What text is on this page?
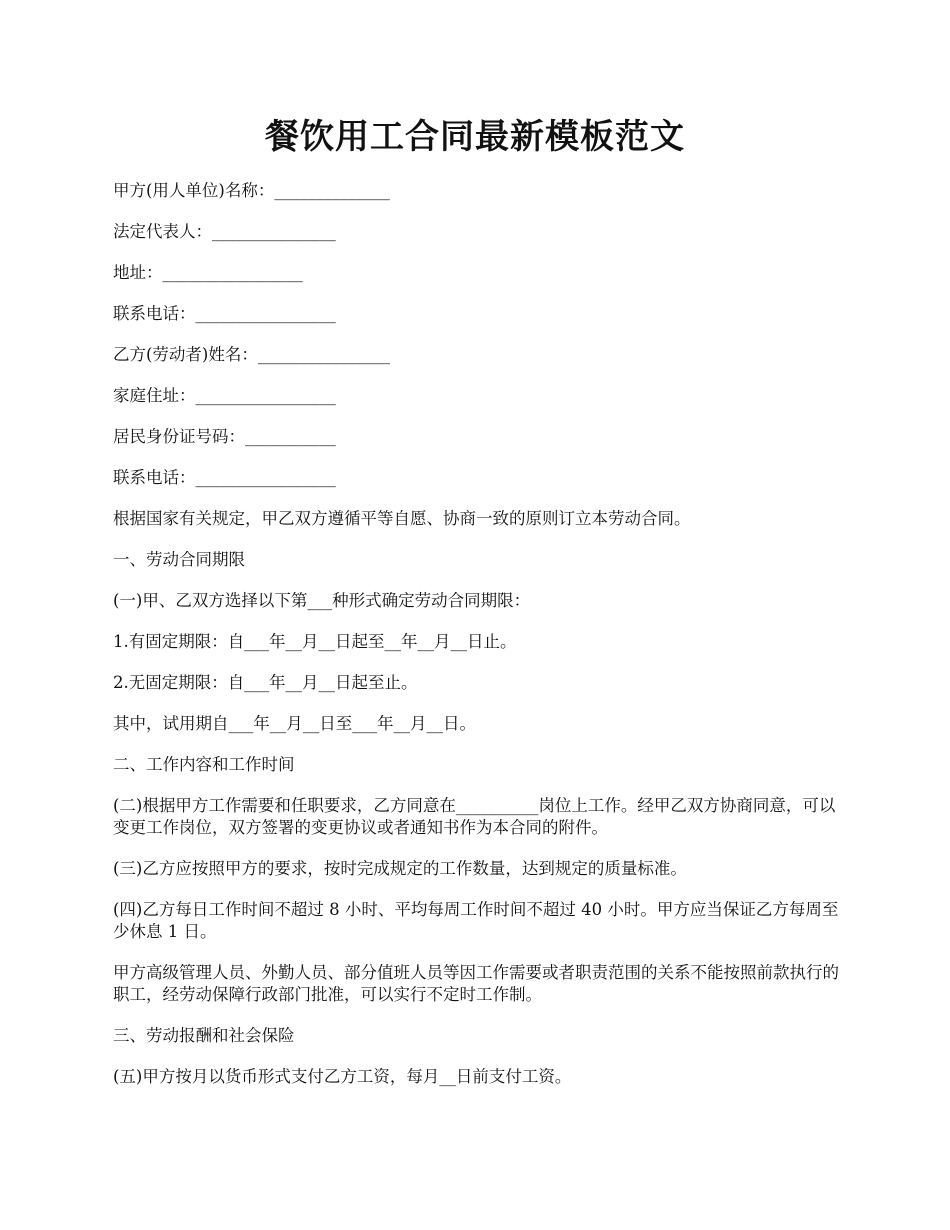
餐饮用工合同最新模板范文

甲方(用人单位)名称：______________

法定代表人：_______________

地址：_________________

联系电话：_________________

乙方(劳动者)姓名：________________

家庭住址：_________________

居民身份证号码：___________

联系电话：_________________

根据国家有关规定，甲乙双方遵循平等自愿、协商一致的原则订立本劳动合同。

一、劳动合同期限

(一)甲、乙双方选择以下第___种形式确定劳动合同期限：

1.有固定期限：自___年__月__日起至__年__月__日止。

2.无固定期限：自___年__月__日起至止。

其中，试用期自___年__月__日至___年__月__日。

二、工作内容和工作时间

(二)根据甲方工作需要和任职要求，乙方同意在__________岗位上工作。经甲乙双方协商同意，可以变更工作岗位，双方签署的变更协议或者通知书作为本合同的附件。

(三)乙方应按照甲方的要求，按时完成规定的工作数量，达到规定的质量标准。

(四)乙方每日工作时间不超过 8 小时、平均每周工作时间不超过 40 小时。甲方应当保证乙方每周至少休息 1 日。

甲方高级管理人员、外勤人员、部分值班人员等因工作需要或者职责范围的关系不能按照前款执行的职工，经劳动保障行政部门批准，可以实行不定时工作制。

三、劳动报酬和社会保险

(五)甲方按月以货币形式支付乙方工资，每月__日前支付工资。
